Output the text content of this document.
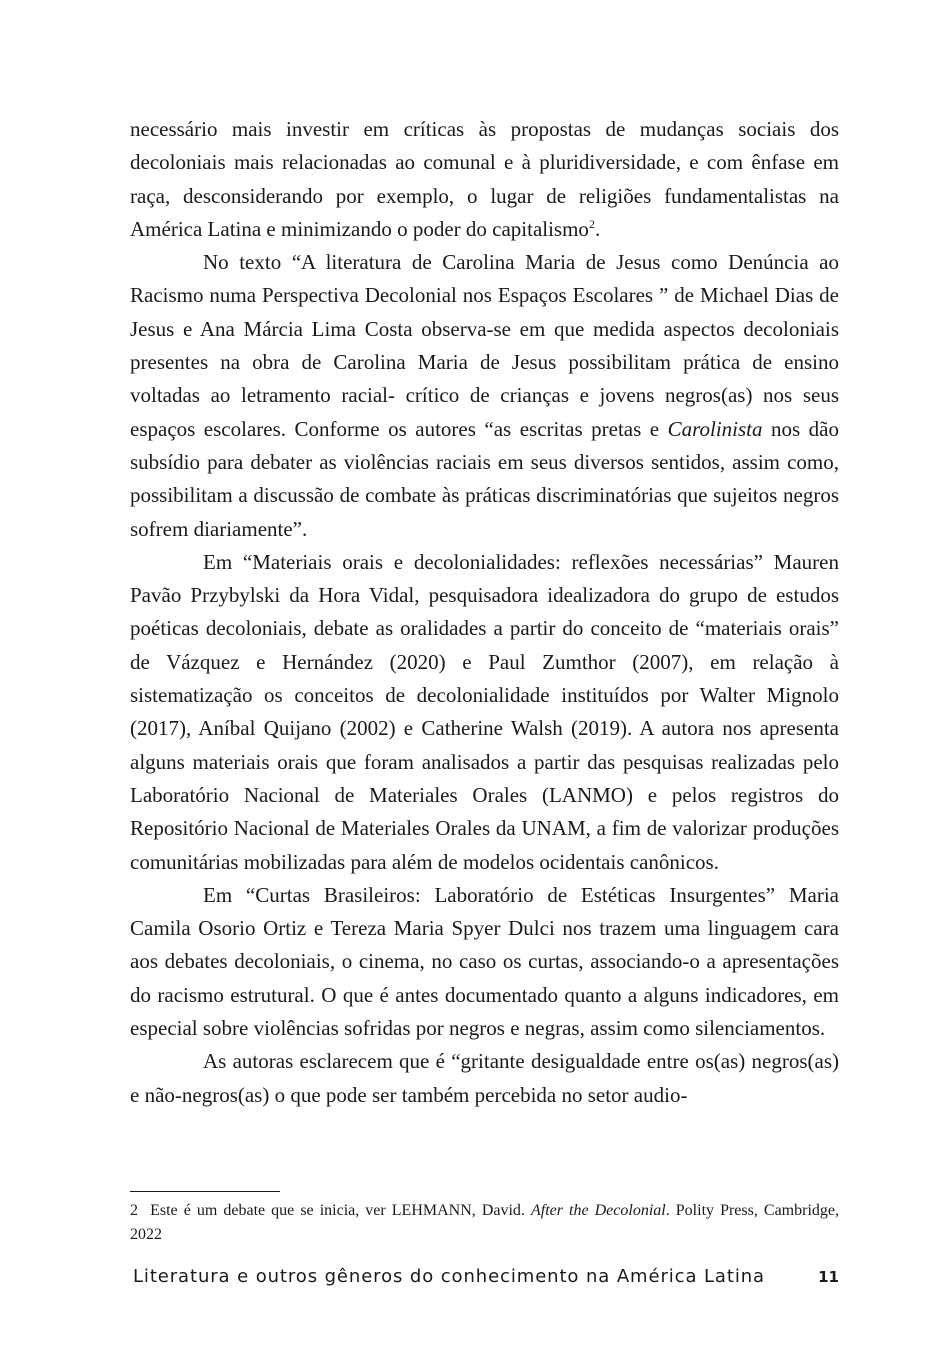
necessário mais investir em críticas às propostas de mudanças sociais dos decoloniais mais relacionadas ao comunal e à pluridiversidade, e com ênfase em raça, desconsiderando por exemplo, o lugar de religiões fundamentalistas na América Latina e minimizando o poder do capitalismo$^2$.

No texto “A literatura de Carolina Maria de Jesus como Denúncia ao Racismo numa Perspectiva Decolonial nos Espaços Escolares ” de Michael Dias de Jesus e Ana Márcia Lima Costa observa-se em que medida aspectos decoloniais presentes na obra de Carolina Maria de Jesus possibilitam prática de ensino voltadas ao letramento racial- crítico de crianças e jovens negros(as) nos seus espaços escolares. Conforme os autores “as escritas pretas e Carolinista nos dão subsídio para debater as violências raciais em seus diversos sentidos, assim como, possibilitam a discussão de combate às práticas discriminatórias que sujeitos negros sofrem diariamente”.

Em “Materiais orais e decolonialidades: reflexões necessárias” Mauren Pavão Przybylski da Hora Vidal, pesquisadora idealizadora do grupo de estudos poéticas decoloniais, debate as oralidades a partir do conceito de “materiais orais” de Vázquez e Hernández (2020) e Paul Zumthor (2007), em relação à sistematização os conceitos de decolonialidade instituídos por Walter Mignolo (2017), Aníbal Quijano (2002) e Catherine Walsh (2019). A autora nos apresenta alguns materiais orais que foram analisados a partir das pesquisas realizadas pelo Laboratório Nacional de Materiales Orales (LANMO) e pelos registros do Repositório Nacional de Materiales Orales da UNAM, a fim de valorizar produções comunitárias mobilizadas para além de modelos ocidentais canônicos.

Em “Curtas Brasileiros: Laboratório de Estéticas Insurgentes” Maria Camila Osorio Ortiz e Tereza Maria Spyer Dulci nos trazem uma linguagem cara aos debates decoloniais, o cinema, no caso os curtas, associando-o a apresentações do racismo estrutural. O que é antes documentado quanto a alguns indicadores, em especial sobre violências sofridas por negros e negras, assim como silenciamentos.

As autoras esclarecem que é “gritante desigualdade entre os(as) negros(as) e não-negros(as) o que pode ser também percebida no setor audio-

2 Este é um debate que se inicia, ver LEHMANN, David. After the Decolonial. Polity Press, Cambridge, 2022
Literatura e outros gêneros do conhecimento na América Latina	11
